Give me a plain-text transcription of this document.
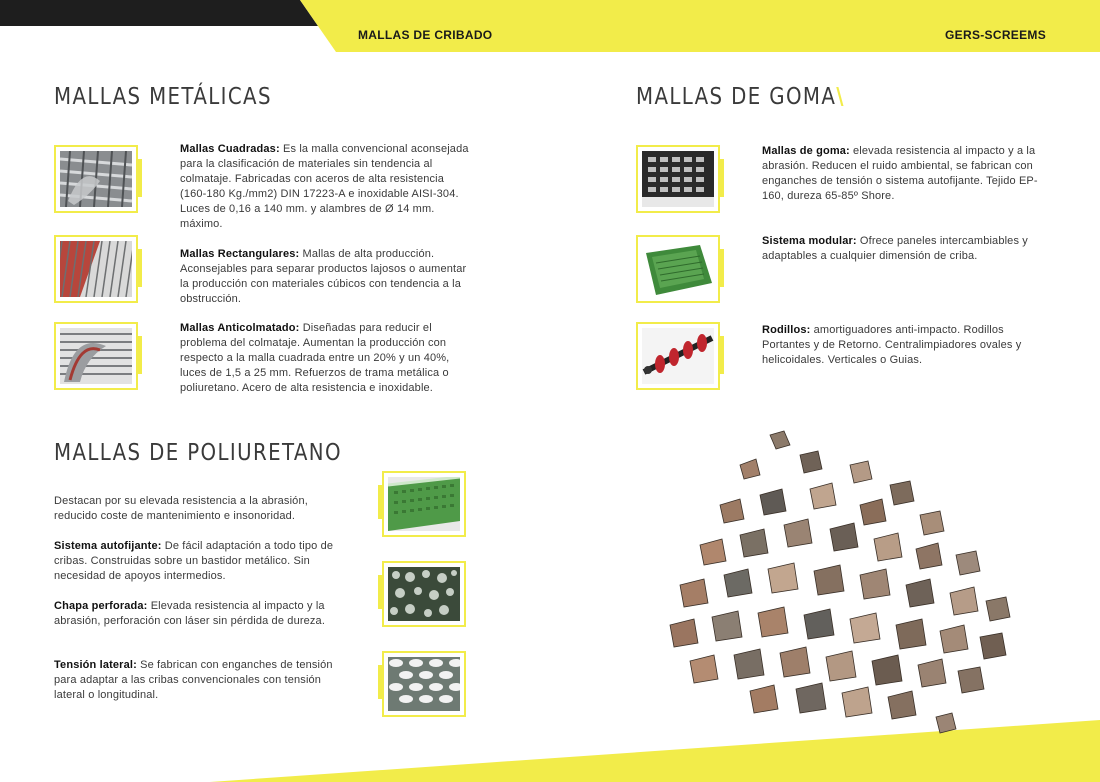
MALLAS DE CRIBADO	GERS-SCREEMS
MALLAS METÁLICAS
Mallas Cuadradas: Es la malla convencional aconsejada para la clasificación de materiales sin tendencia al colmataje. Fabricadas con aceros de alta resistencia (160-180 Kg./mm2) DIN 17223-A e inoxidable AISI-304. Luces de 0,16 a 140 mm. y alambres de Ø 14 mm. máximo.
Mallas Rectangulares: Mallas de alta producción. Aconsejables para separar productos lajosos o aumentar la producción con materiales cúbicos con tendencia a la obstrucción.
Mallas Anticolmatado: Diseñadas para reducir el problema del colmataje. Aumentan la producción con respecto a la malla cuadrada entre un 20% y un 40%, luces de 1,5 a 25 mm. Refuerzos de trama metálica o poliuretano. Acero de alta resistencia e inoxidable.
MALLAS DE GOMA\
Mallas de goma: elevada resistencia al impacto y a la abrasión. Reducen el ruido ambiental, se fabrican con enganches de tensión o sistema autofijante. Tejido EP-160, dureza 65-85º Shore.
Sistema modular: Ofrece paneles intercambiables y adaptables a cualquier dimensión de criba.
Rodillos: amortiguadores anti-impacto. Rodillos Portantes y de Retorno. Centralimpiadores ovales y helicoidales. Verticales o Guias.
MALLAS DE POLIURETANO
Destacan por su elevada resistencia a la abrasión, reducido coste de mantenimiento e insonoridad.
Sistema autofijante: De fácil adaptación a todo tipo de cribas. Construidas sobre un bastidor metálico. Sin necesidad de apoyos intermedios.
Chapa perforada: Elevada resistencia al impacto y la abrasión, perforación con láser sin pérdida de dureza.
Tensión lateral: Se fabrican con enganches de tensión para adaptar a las cribas convencionales con tensión lateral o longitudinal.
